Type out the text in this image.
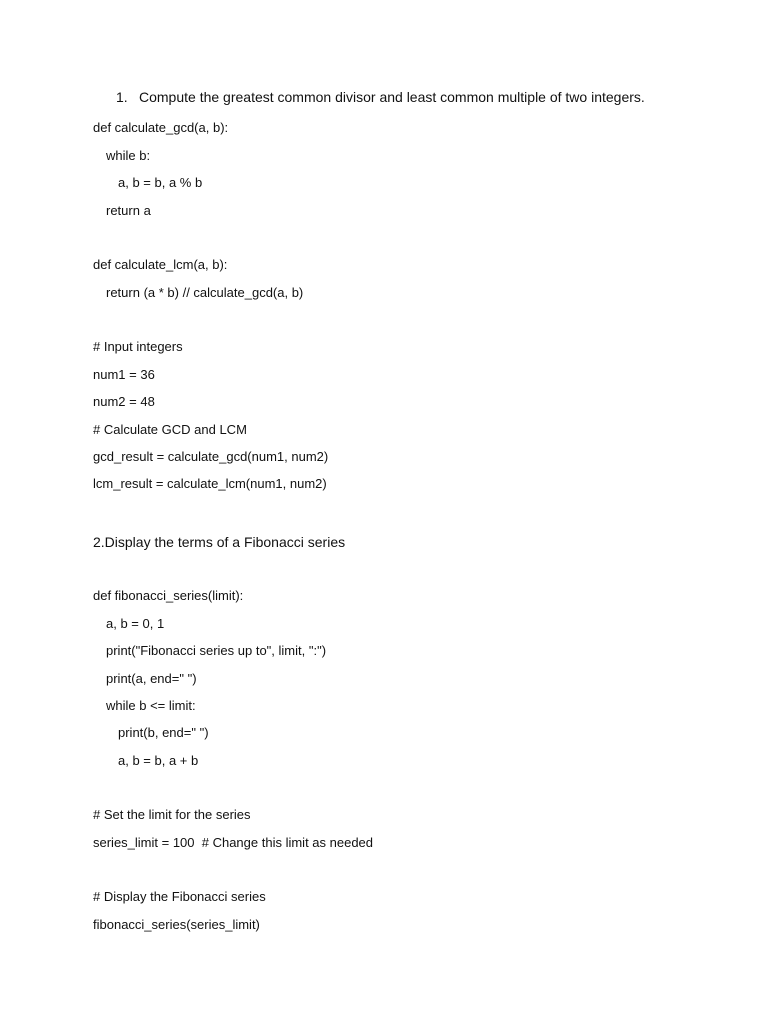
1. Compute the greatest common divisor and least common multiple of two integers.
def calculate_gcd(a, b):
while b:
a, b = b, a % b
return a
def calculate_lcm(a, b):
return (a * b) // calculate_gcd(a, b)
# Input integers
num1 = 36
num2 = 48
# Calculate GCD and LCM
gcd_result = calculate_gcd(num1, num2)
lcm_result = calculate_lcm(num1, num2)
2.Display the terms of a Fibonacci series
def fibonacci_series(limit):
a, b = 0, 1
print("Fibonacci series up to", limit, ":")
print(a, end=" ")
while b <= limit:
print(b, end=" ")
a, b = b, a + b
# Set the limit for the series
series_limit = 100  # Change this limit as needed
# Display the Fibonacci series
fibonacci_series(series_limit)
